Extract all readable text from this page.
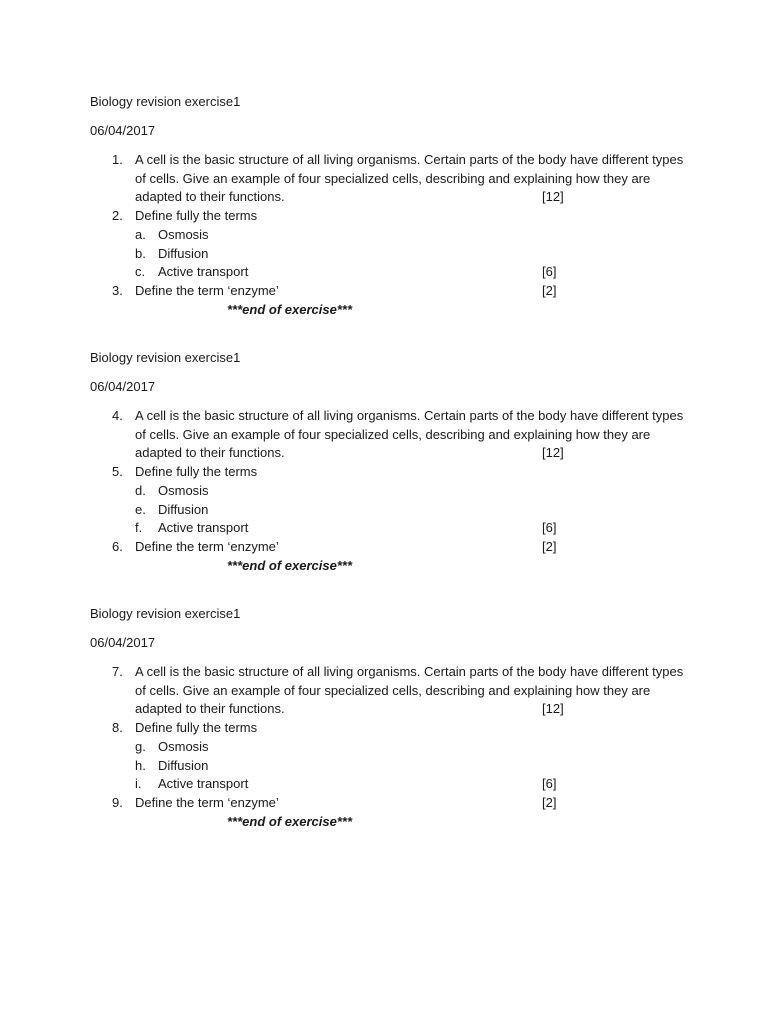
Biology revision exercise1
06/04/2017
1. A cell is the basic structure of all living organisms. Certain parts of the body have different types
of cells. Give an example of four specialized cells, describing and explaining how they are
adapted to their functions.	[12]
2. Define fully the terms
a. Osmosis
b. Diffusion
c. Active transport	[6]
3. Define the term ‘enzyme’	[2]
***end of exercise***
Biology revision exercise1
06/04/2017
4. A cell is the basic structure of all living organisms. Certain parts of the body have different types
of cells. Give an example of four specialized cells, describing and explaining how they are
adapted to their functions.	[12]
5. Define fully the terms
d. Osmosis
e. Diffusion
f. Active transport	[6]
6. Define the term ‘enzyme’	[2]
***end of exercise***
Biology revision exercise1
06/04/2017
7. A cell is the basic structure of all living organisms. Certain parts of the body have different types
of cells. Give an example of four specialized cells, describing and explaining how they are
adapted to their functions.	[12]
8. Define fully the terms
g. Osmosis
h. Diffusion
i. Active transport	[6]
9. Define the term ‘enzyme’	[2]
***end of exercise***
